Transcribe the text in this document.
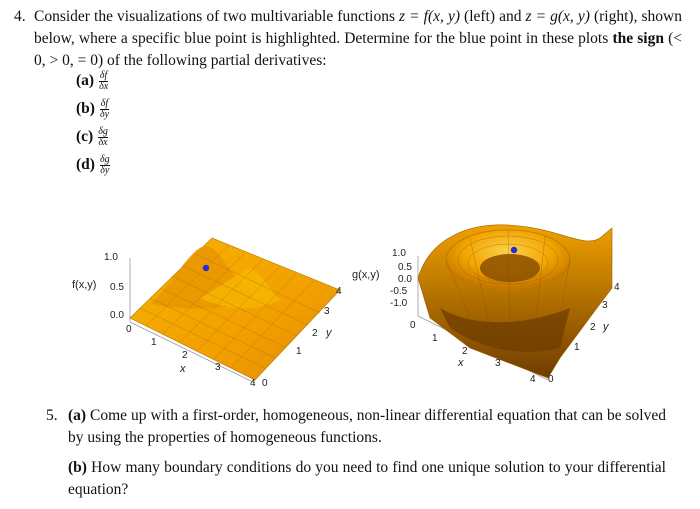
4. Consider the visualizations of two multivariable functions z = f(x, y) (left) and z = g(x, y) (right), shown below, where a specific blue point is highlighted. Determine for the blue point in these plots the sign (< 0, > 0, = 0) of the following partial derivatives:
$(a) \frac{\delta f}{\delta x}$
$(b) \frac{\delta f}{\delta y}$
$(c) \frac{\delta g}{\delta x}$
$(d) \frac{\delta g}{\delta y}$
1.0
0.5
0.0
f(x,y)
0
1
2
3
4
x
0
1
2
3
4
y
1.0
0.5
0.0
-0.5
-1.0
g(x,y)
0
1
2
3
4
x
0
1
2
3
4
y
5. (a) Come up with a first-order, homogeneous, non-linear differential equation that can be solved by using the properties of homogeneous functions.
(b) How many boundary conditions do you need to find one unique solution to your differential equation?
